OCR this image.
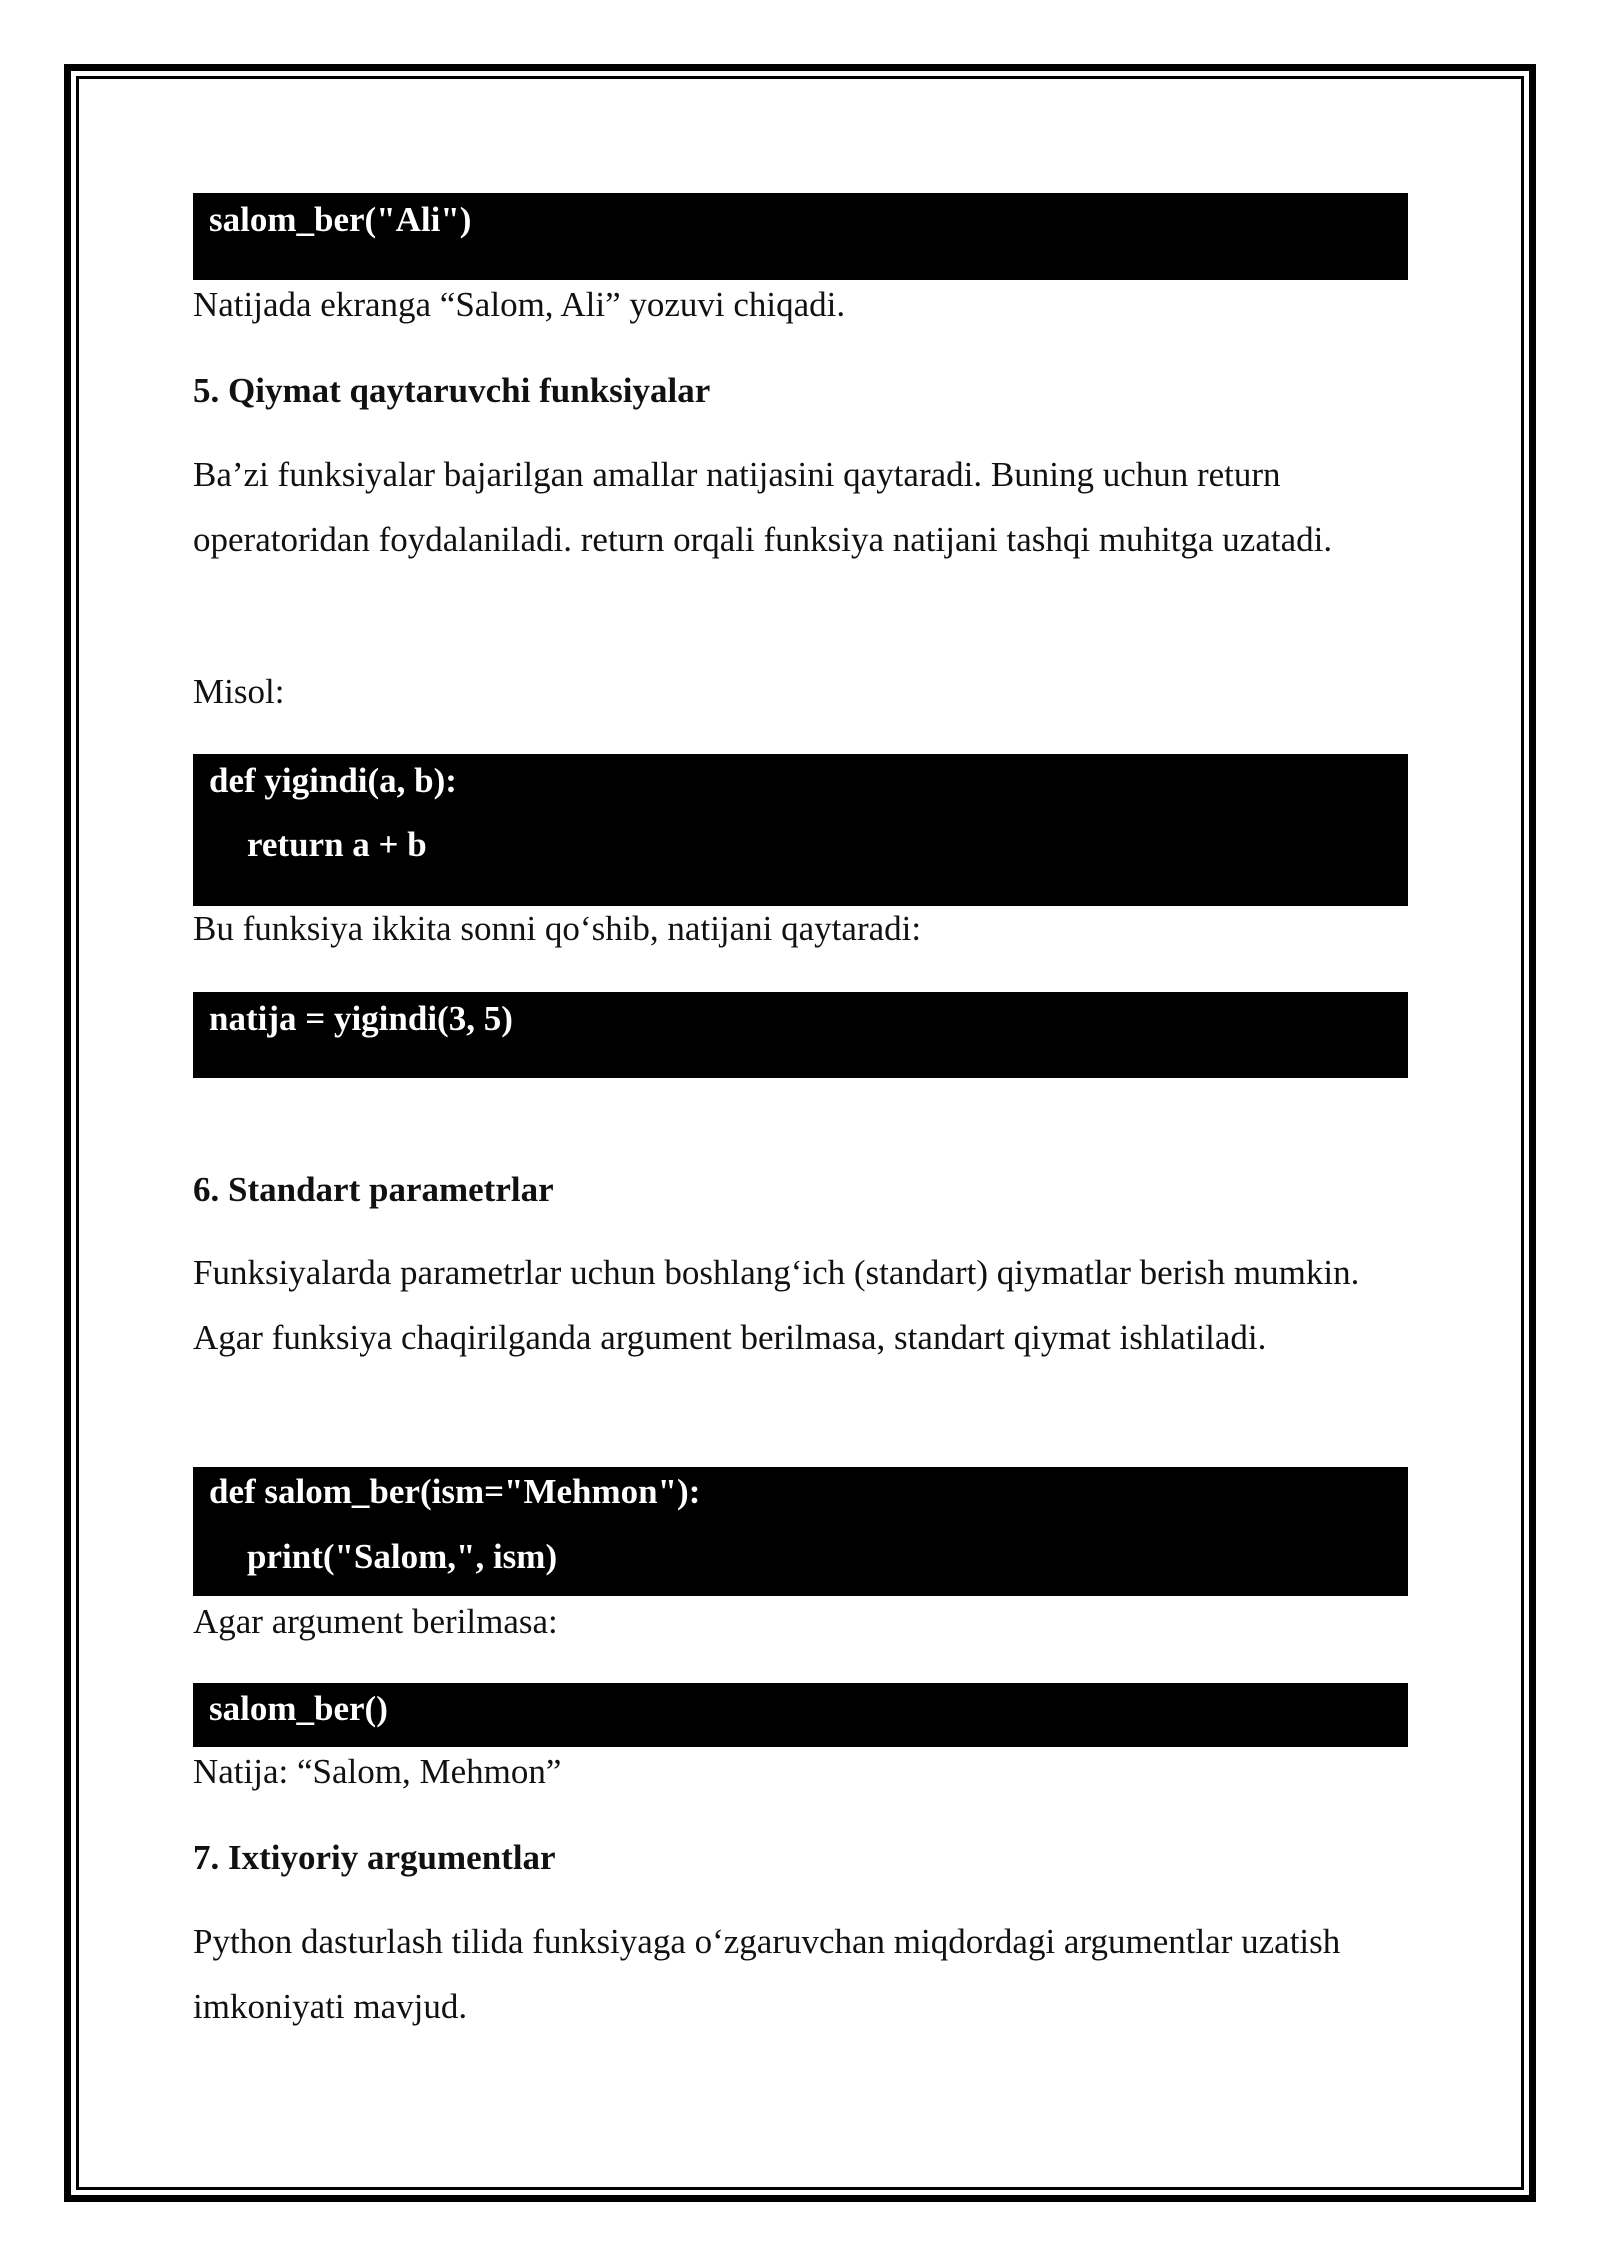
salom_ber("Ali")

Natijada ekranga “Salom, Ali” yozuvi chiqadi.

5. Qiymat qaytaruvchi funksiyalar

Ba’zi funksiyalar bajarilgan amallar natijasini qaytaradi. Buning uchun return operatoridan foydalaniladi. return orqali funksiya natijani tashqi muhitga uzatadi.

Misol:

def yigindi(a, b):
return a + b

Bu funksiya ikkita sonni qo‘shib, natijani qaytaradi:

natija = yigindi(3, 5)

6. Standart parametrlar

Funksiyalarda parametrlar uchun boshlang‘ich (standart) qiymatlar berish mumkin. Agar funksiya chaqirilganda argument berilmasa, standart qiymat ishlatiladi.

def salom_ber(ism="Mehmon"):
print("Salom,", ism)

Agar argument berilmasa:

salom_ber()

Natija: “Salom, Mehmon”

7. Ixtiyoriy argumentlar

Python dasturlash tilida funksiyaga o‘zgaruvchan miqdordagi argumentlar uzatish imkoniyati mavjud.
